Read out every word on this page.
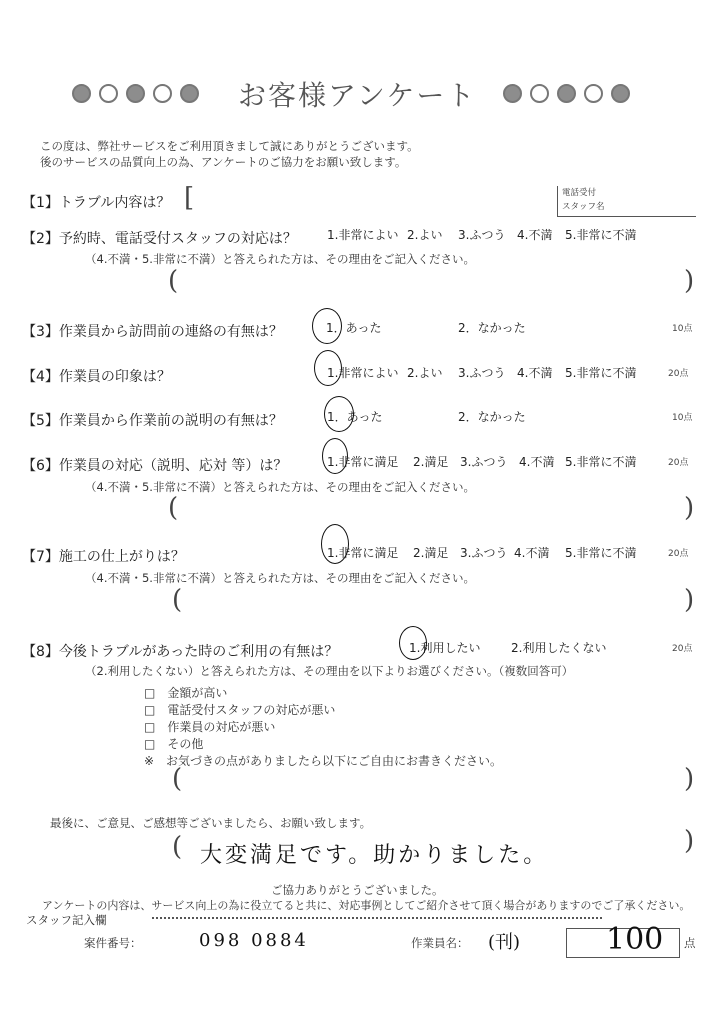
お客様アンケート
この度は、弊社サービスをご利用頂きまして誠にありがとうございます。
後のサービスの品質向上の為、アンケートのご協力をお願い致します。
【1】トラブル内容は？ [	電話受付
スタッフ名
【2】予約時、電話受付スタッフの対応は？	1.非常によい 2.よい 3.ふつう 4.不満 5.非常に不満
（4.不満・5.非常に不満）と答えられた方は、その理由をご記入ください。
(	)
【3】作業員から訪問前の連絡の有無は？	1．あった	2．なかった	10点
【4】作業員の印象は？	1.非常によい 2.よい 3.ふつう 4.不満 5.非常に不満	20点
【5】作業員から作業前の説明の有無は？	1．あった	2．なかった	10点
【6】作業員の対応（説明、応対 等）は？	1.非常に満足 2.満足 3.ふつう 4.不満 5.非常に不満	20点
（4.不満・5.非常に不満）と答えられた方は、その理由をご記入ください。
(	)
【7】施工の仕上がりは？	1.非常に満足 2.満足 3.ふつう 4.不満 5.非常に不満	20点
（4.不満・5.非常に不満）と答えられた方は、その理由をご記入ください。
(	)
【8】今後トラブルがあった時のご利用の有無は？	1.利用したい	2.利用したくない	20点
（2.利用したくない）と答えられた方は、その理由を以下よりお選びください。（複数回答可）
□　金額が高い
□　電話受付スタッフの対応が悪い
□　作業員の対応が悪い
□　その他
※　お気づきの点がありましたら以下にご自由にお書きください。
(	)
最後に、ご意見、ご感想等ございましたら、お願い致します。
( 大変満足です。助かりました。	)
ご協力ありがとうございました。
アンケートの内容は、サービス向上の為に役立てると共に、対応事例としてご紹介させて頂く場合がありますのでご了承ください。
スタッフ記入欄
案件番号：	098 0884	作業員名： (刊)	100 点
